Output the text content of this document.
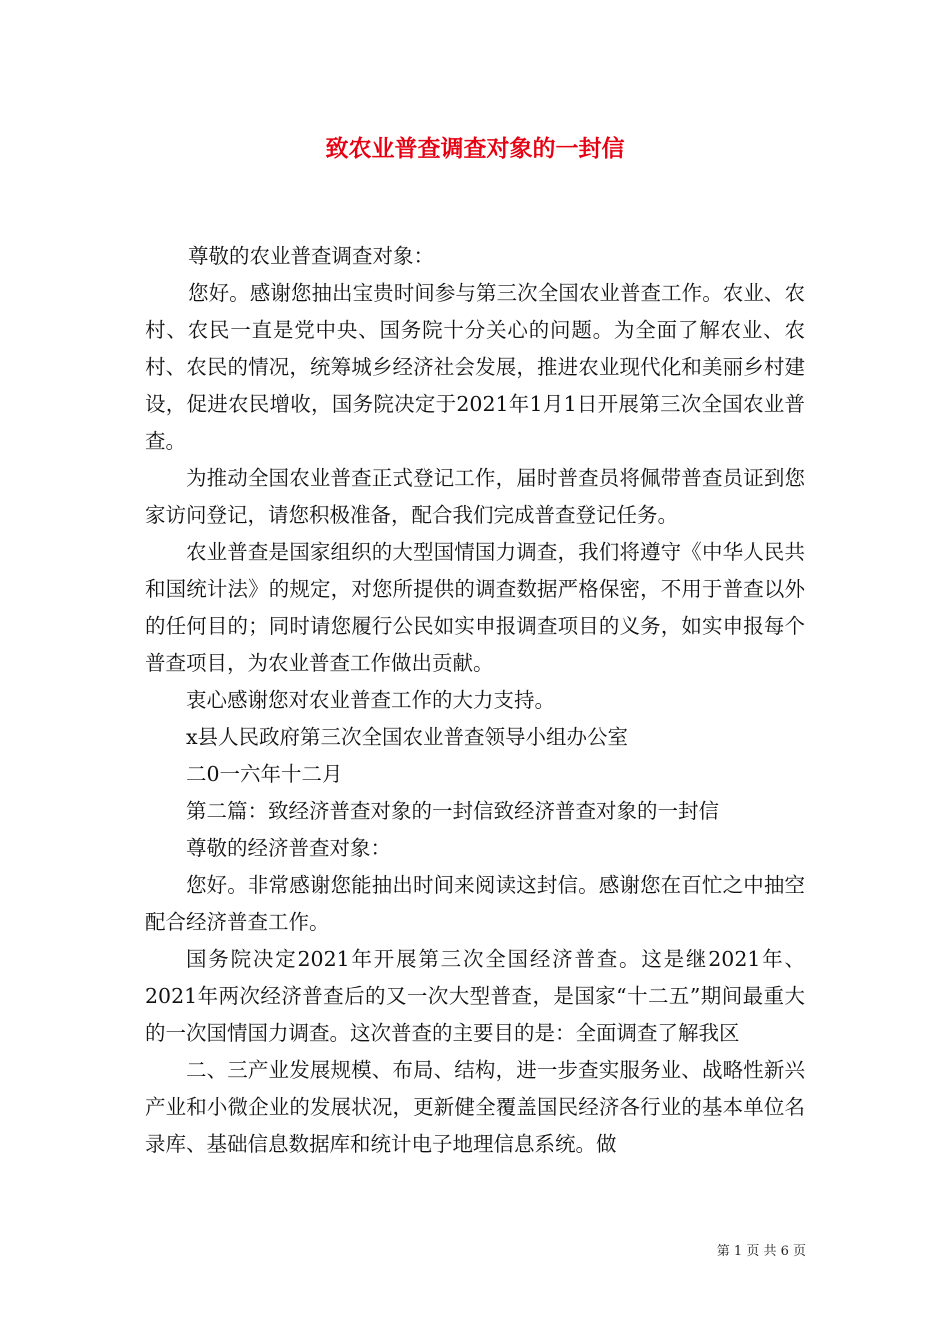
致农业普查调查对象的一封信

尊敬的农业普查调查对象：

您好。感谢您抽出宝贵时间参与第三次全国农业普查工作。农业、农村、农民一直是党中央、国务院十分关心的问题。为全面了解农业、农村、农民的情况，统筹城乡经济社会发展，推进农业现代化和美丽乡村建设，促进农民增收，国务院决定于2021年1月1日开展第三次全国农业普查。

为推动全国农业普查正式登记工作，届时普查员将佩带普查员证到您家访问登记，请您积极准备，配合我们完成普查登记任务。

农业普查是国家组织的大型国情国力调查，我们将遵守《中华人民共和国统计法》的规定，对您所提供的调查数据严格保密，不用于普查以外的任何目的；同时请您履行公民如实申报调查项目的义务，如实申报每个普查项目，为农业普查工作做出贡献。

衷心感谢您对农业普查工作的大力支持。

x县人民政府第三次全国农业普查领导小组办公室

二0一六年十二月

第二篇：致经济普查对象的一封信致经济普查对象的一封信

尊敬的经济普查对象：

您好。非常感谢您能抽出时间来阅读这封信。感谢您在百忙之中抽空配合经济普查工作。

国务院决定2021年开展第三次全国经济普查。这是继2021年、2021年两次经济普查后的又一次大型普查，是国家“十二五”期间最重大的一次国情国力调查。这次普查的主要目的是：全面调查了解我区

二、三产业发展规模、布局、结构，进一步查实服务业、战略性新兴产业和小微企业的发展状况，更新健全覆盖国民经济各行业的基本单位名录库、基础信息数据库和统计电子地理信息系统。做

第 1 页 共 6 页
